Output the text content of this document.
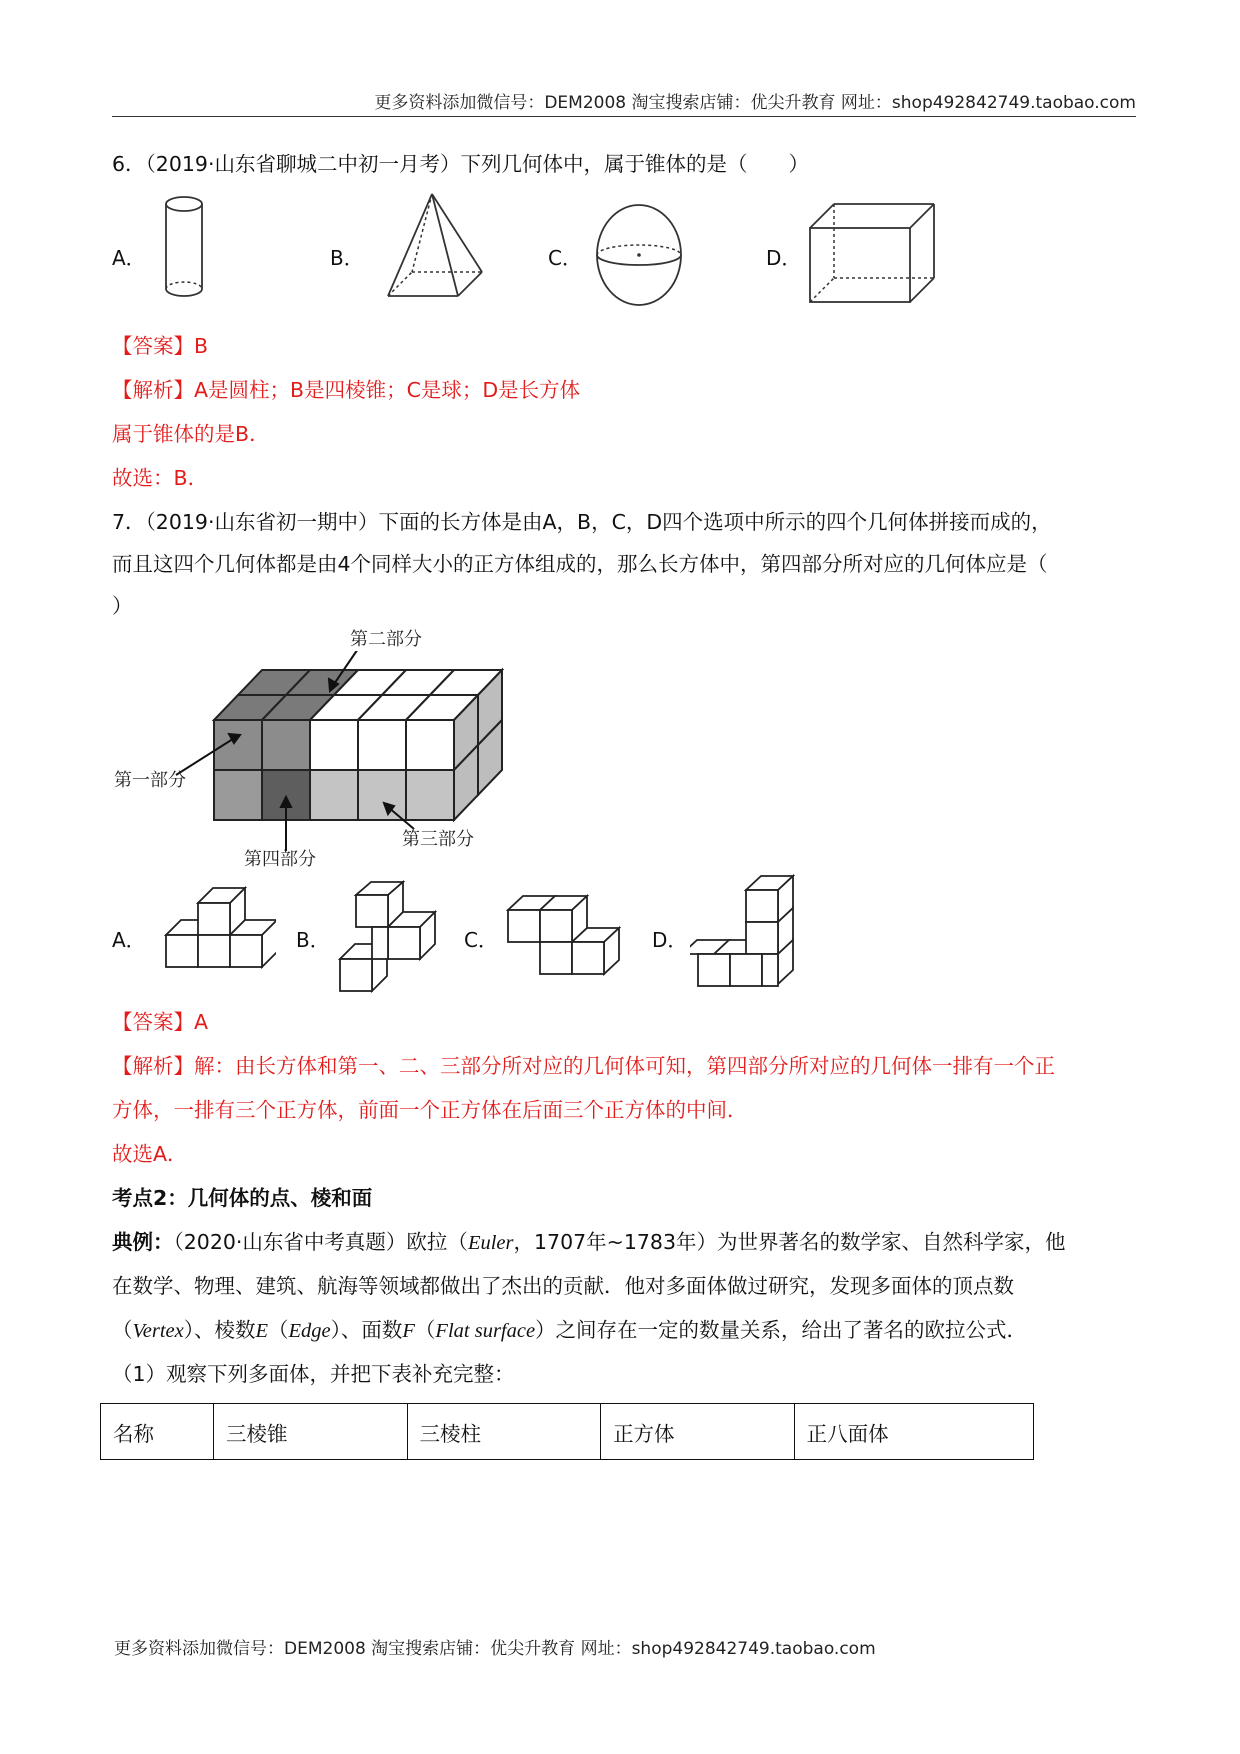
更多资料添加微信号：DEM2008 淘宝搜索店铺：优尖升教育 网址：shop492842749.taobao.com
6．（2019·山东省聊城二中初一月考）下列几何体中，属于锥体的是（　　）
A．	B．	C．	D．
【答案】B
【解析】A是圆柱；B是四棱锥；C是球；D是长方体
属于锥体的是B．
故选：B．
7．（2019·山东省初一期中）下面的长方体是由A，B，C，D四个选项中所示的四个几何体拼接而成的，
而且这四个几何体都是由4个同样大小的正方体组成的，那么长方体中，第四部分所对应的几何体应是（
）
第二部分
第一部分
第四部分
第三部分
A．	B．	C．	D．
【答案】A
【解析】解：由长方体和第一、二、三部分所对应的几何体可知，第四部分所对应的几何体一排有一个正
方体，一排有三个正方体，前面一个正方体在后面三个正方体的中间．
故选A．
考点2：几何体的点、棱和面
典例：（2020·山东省中考真题）欧拉（Euler，1707年~1783年）为世界著名的数学家、自然科学家，他
在数学、物理、建筑、航海等领域都做出了杰出的贡献．他对多面体做过研究，发现多面体的顶点数
（Vertex）、棱数E（Edge）、面数F（Flat surface）之间存在一定的数量关系，给出了著名的欧拉公式．
（1）观察下列多面体，并把下表补充完整：
名称	三棱锥	三棱柱	正方体	正八面体
更多资料添加微信号：DEM2008 淘宝搜索店铺：优尖升教育 网址：shop492842749.taobao.com
